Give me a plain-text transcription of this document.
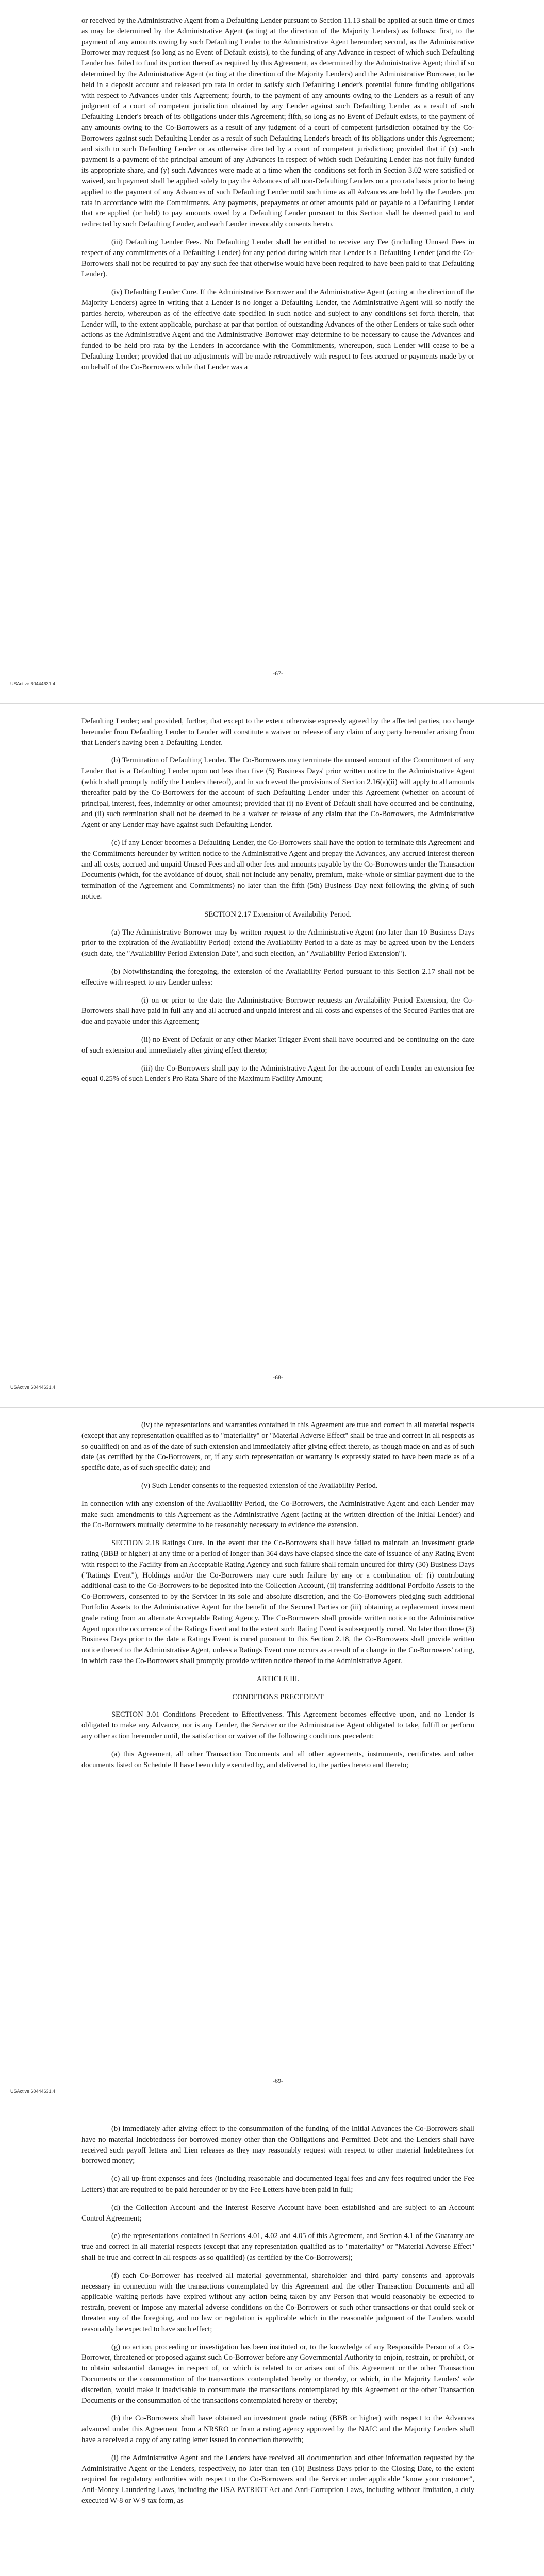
or received by the Administrative Agent from a Defaulting Lender pursuant to Section 11.13 shall be applied at such time or times as may be determined by the Administrative Agent (acting at the direction of the Majority Lenders) as follows: first, to the payment of any amounts owing by such Defaulting Lender to the Administrative Agent hereunder; second, as the Administrative Borrower may request (so long as no Event of Default exists), to the funding of any Advance in respect of which such Defaulting Lender has failed to fund its portion thereof as required by this Agreement, as determined by the Administrative Agent; third if so determined by the Administrative Agent (acting at the direction of the Majority Lenders) and the Administrative Borrower, to be held in a deposit account and released pro rata in order to satisfy such Defaulting Lender's potential future funding obligations with respect to Advances under this Agreement; fourth, to the payment of any amounts owing to the Lenders as a result of any judgment of a court of competent jurisdiction obtained by any Lender against such Defaulting Lender as a result of such Defaulting Lender's breach of its obligations under this Agreement; fifth, so long as no Event of Default exists, to the payment of any amounts owing to the Co-Borrowers as a result of any judgment of a court of competent jurisdiction obtained by the Co-Borrowers against such Defaulting Lender as a result of such Defaulting Lender's breach of its obligations under this Agreement; and sixth to such Defaulting Lender or as otherwise directed by a court of competent jurisdiction; provided that if (x) such payment is a payment of the principal amount of any Advances in respect of which such Defaulting Lender has not fully funded its appropriate share, and (y) such Advances were made at a time when the conditions set forth in Section 3.02 were satisfied or waived, such payment shall be applied solely to pay the Advances of all non-Defaulting Lenders on a pro rata basis prior to being applied to the payment of any Advances of such Defaulting Lender until such time as all Advances are held by the Lenders pro rata in accordance with the Commitments. Any payments, prepayments or other amounts paid or payable to a Defaulting Lender that are applied (or held) to pay amounts owed by a Defaulting Lender pursuant to this Section shall be deemed paid to and redirected by such Defaulting Lender, and each Lender irrevocably consents hereto.

(iii) Defaulting Lender Fees. No Defaulting Lender shall be entitled to receive any Fee (including Unused Fees in respect of any commitments of a Defaulting Lender) for any period during which that Lender is a Defaulting Lender (and the Co-Borrowers shall not be required to pay any such fee that otherwise would have been required to have been paid to that Defaulting Lender).

(iv) Defaulting Lender Cure. If the Administrative Borrower and the Administrative Agent (acting at the direction of the Majority Lenders) agree in writing that a Lender is no longer a Defaulting Lender, the Administrative Agent will so notify the parties hereto, whereupon as of the effective date specified in such notice and subject to any conditions set forth therein, that Lender will, to the extent applicable, purchase at par that portion of outstanding Advances of the other Lenders or take such other actions as the Administrative Agent and the Administrative Borrower may determine to be necessary to cause the Advances and funded to be held pro rata by the Lenders in accordance with the Commitments, whereupon, such Lender will cease to be a Defaulting Lender; provided that no adjustments will be made retroactively with respect to fees accrued or payments made by or on behalf of the Co-Borrowers while that Lender was a

-67-
USActive 60444631.4

Defaulting Lender; and provided, further, that except to the extent otherwise expressly agreed by the affected parties, no change hereunder from Defaulting Lender to Lender will constitute a waiver or release of any claim of any party hereunder arising from that Lender's having been a Defaulting Lender.

(b) Termination of Defaulting Lender. The Co-Borrowers may terminate the unused amount of the Commitment of any Lender that is a Defaulting Lender upon not less than five (5) Business Days' prior written notice to the Administrative Agent (which shall promptly notify the Lenders thereof), and in such event the provisions of Section 2.16(a)(ii) will apply to all amounts thereafter paid by the Co-Borrowers for the account of such Defaulting Lender under this Agreement (whether on account of principal, interest, fees, indemnity or other amounts); provided that (i) no Event of Default shall have occurred and be continuing, and (ii) such termination shall not be deemed to be a waiver or release of any claim that the Co-Borrowers, the Administrative Agent or any Lender may have against such Defaulting Lender.

(c) If any Lender becomes a Defaulting Lender, the Co-Borrowers shall have the option to terminate this Agreement and the Commitments hereunder by written notice to the Administrative Agent and prepay the Advances, any accrued interest thereon and all costs, accrued and unpaid Unused Fees and all other fees and amounts payable by the Co-Borrowers under the Transaction Documents (which, for the avoidance of doubt, shall not include any penalty, premium, make-whole or similar payment due to the termination of the Agreement and Commitments) no later than the fifth (5th) Business Day next following the giving of such notice.

SECTION 2.17 Extension of Availability Period.

(a) The Administrative Borrower may by written request to the Administrative Agent (no later than 10 Business Days prior to the expiration of the Availability Period) extend the Availability Period to a date as may be agreed upon by the Lenders (such date, the "Availability Period Extension Date", and such election, an "Availability Period Extension").

(b) Notwithstanding the foregoing, the extension of the Availability Period pursuant to this Section 2.17 shall not be effective with respect to any Lender unless:

(i) on or prior to the date the Administrative Borrower requests an Availability Period Extension, the Co-Borrowers shall have paid in full any and all accrued and unpaid interest and all costs and expenses of the Secured Parties that are due and payable under this Agreement;

(ii) no Event of Default or any other Market Trigger Event shall have occurred and be continuing on the date of such extension and immediately after giving effect thereto;

(iii) the Co-Borrowers shall pay to the Administrative Agent for the account of each Lender an extension fee equal 0.25% of such Lender's Pro Rata Share of the Maximum Facility Amount;

-68-
USActive 60444631.4

(iv) the representations and warranties contained in this Agreement are true and correct in all material respects (except that any representation qualified as to "materiality" or "Material Adverse Effect" shall be true and correct in all respects as so qualified) on and as of the date of such extension and immediately after giving effect thereto, as though made on and as of such date (as certified by the Co-Borrowers, or, if any such representation or warranty is expressly stated to have been made as of a specific date, as of such specific date); and

(v) Such Lender consents to the requested extension of the Availability Period.

In connection with any extension of the Availability Period, the Co-Borrowers, the Administrative Agent and each Lender may make such amendments to this Agreement as the Administrative Agent (acting at the written direction of the Initial Lender) and the Co-Borrowers mutually determine to be reasonably necessary to evidence the extension.

SECTION 2.18 Ratings Cure. In the event that the Co-Borrowers shall have failed to maintain an investment grade rating (BBB or higher) at any time or a period of longer than 364 days have elapsed since the date of issuance of any Rating Event with respect to the Facility from an Acceptable Rating Agency and such failure shall remain uncured for thirty (30) Business Days ("Ratings Event"), Holdings and/or the Co-Borrowers may cure such failure by any or a combination of: (i) contributing additional cash to the Co-Borrowers to be deposited into the Collection Account, (ii) transferring additional Portfolio Assets to the Co-Borrowers, consented to by the Servicer in its sole and absolute discretion, and the Co-Borrowers pledging such additional Portfolio Assets to the Administrative Agent for the benefit of the Secured Parties or (iii) obtaining a replacement investment grade rating from an alternate Acceptable Rating Agency. The Co-Borrowers shall provide written notice to the Administrative Agent upon the occurrence of the Ratings Event and to the extent such Rating Event is subsequently cured. No later than three (3) Business Days prior to the date a Ratings Event is cured pursuant to this Section 2.18, the Co-Borrowers shall provide written notice thereof to the Administrative Agent, unless a Ratings Event cure occurs as a result of a change in the Co-Borrowers' rating, in which case the Co-Borrowers shall promptly provide written notice thereof to the Administrative Agent.

ARTICLE III.

CONDITIONS PRECEDENT

SECTION 3.01 Conditions Precedent to Effectiveness. This Agreement becomes effective upon, and no Lender is obligated to make any Advance, nor is any Lender, the Servicer or the Administrative Agent obligated to take, fulfill or perform any other action hereunder until, the satisfaction or waiver of the following conditions precedent:

(a) this Agreement, all other Transaction Documents and all other agreements, instruments, certificates and other documents listed on Schedule II have been duly executed by, and delivered to, the parties hereto and thereto;

-69-
USActive 60444631.4

(b) immediately after giving effect to the consummation of the funding of the Initial Advances the Co-Borrowers shall have no material Indebtedness for borrowed money other than the Obligations and Permitted Debt and the Lenders shall have received such payoff letters and Lien releases as they may reasonably request with respect to other material Indebtedness for borrowed money;

(c) all up-front expenses and fees (including reasonable and documented legal fees and any fees required under the Fee Letters) that are required to be paid hereunder or by the Fee Letters have been paid in full;

(d) the Collection Account and the Interest Reserve Account have been established and are subject to an Account Control Agreement;

(e) the representations contained in Sections 4.01, 4.02 and 4.05 of this Agreement, and Section 4.1 of the Guaranty are true and correct in all material respects (except that any representation qualified as to "materiality" or "Material Adverse Effect" shall be true and correct in all respects as so qualified) (as certified by the Co-Borrowers);

(f) each Co-Borrower has received all material governmental, shareholder and third party consents and approvals necessary in connection with the transactions contemplated by this Agreement and the other Transaction Documents and all applicable waiting periods have expired without any action being taken by any Person that would reasonably be expected to restrain, prevent or impose any material adverse conditions on the Co-Borrowers or such other transactions or that could seek or threaten any of the foregoing, and no law or regulation is applicable which in the reasonable judgment of the Lenders would reasonably be expected to have such effect;

(g) no action, proceeding or investigation has been instituted or, to the knowledge of any Responsible Person of a Co-Borrower, threatened or proposed against such Co-Borrower before any Governmental Authority to enjoin, restrain, or prohibit, or to obtain substantial damages in respect of, or which is related to or arises out of this Agreement or the other Transaction Documents or the consummation of the transactions contemplated hereby or thereby, or which, in the Majority Lenders' sole discretion, would make it inadvisable to consummate the transactions contemplated by this Agreement or the other Transaction Documents or the consummation of the transactions contemplated hereby or thereby;

(h) the Co-Borrowers shall have obtained an investment grade rating (BBB or higher) with respect to the Advances advanced under this Agreement from a NRSRO or from a rating agency approved by the NAIC and the Majority Lenders shall have a received a copy of any rating letter issued in connection therewith;

(i) the Administrative Agent and the Lenders have received all documentation and other information requested by the Administrative Agent or the Lenders, respectively, no later than ten (10) Business Days prior to the Closing Date, to the extent required for regulatory authorities with respect to the Co-Borrowers and the Servicer under applicable "know your customer", Anti-Money Laundering Laws, including the USA PATRIOT Act and Anti-Corruption Laws, including without limitation, a duly executed W-8 or W-9 tax form, as
